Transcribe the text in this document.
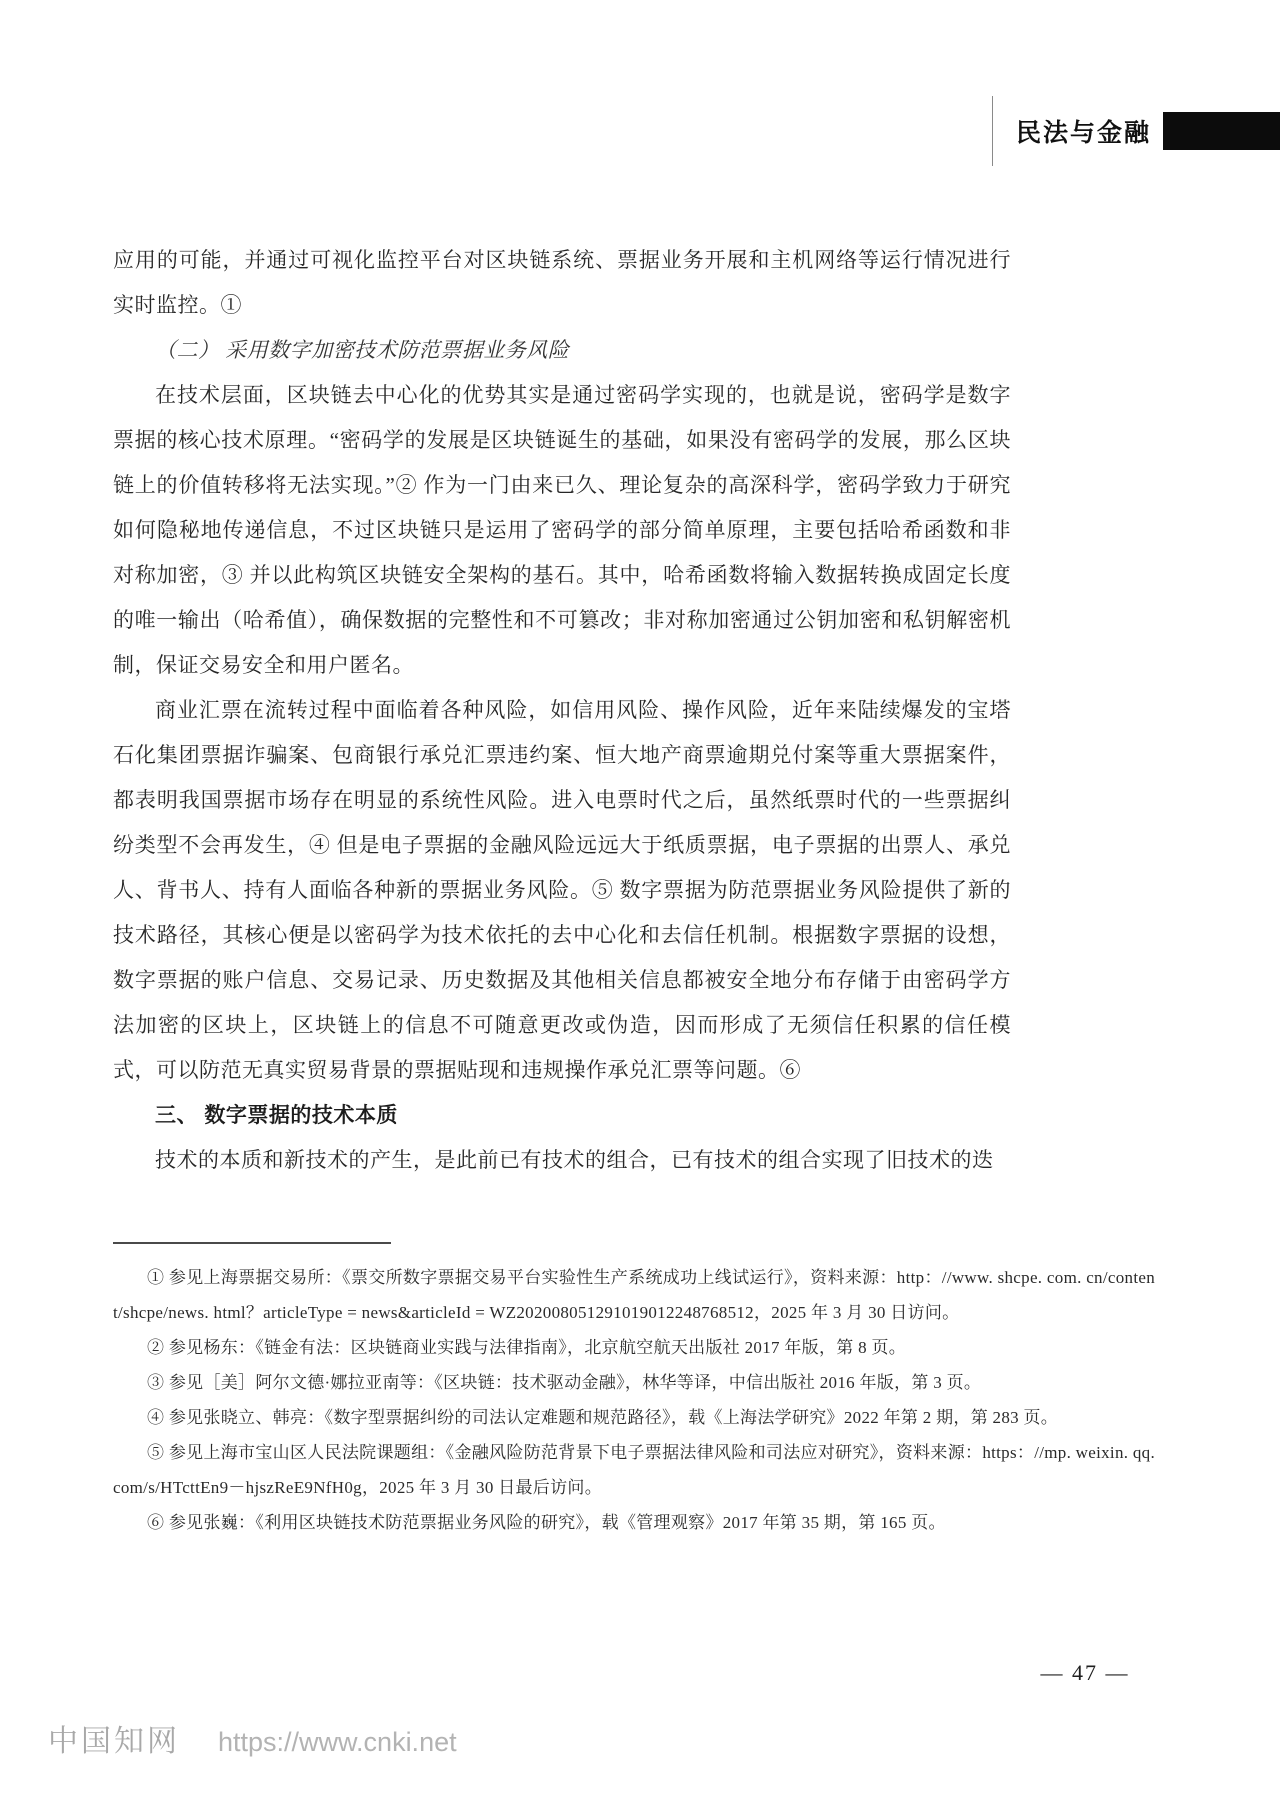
民法与金融

应用的可能，并通过可视化监控平台对区块链系统、票据业务开展和主机网络等运行情况进行实时监控。①

（二） 采用数字加密技术防范票据业务风险

在技术层面，区块链去中心化的优势其实是通过密码学实现的，也就是说，密码学是数字票据的核心技术原理。“密码学的发展是区块链诞生的基础，如果没有密码学的发展，那么区块链上的价值转移将无法实现。”② 作为一门由来已久、理论复杂的高深科学，密码学致力于研究如何隐秘地传递信息，不过区块链只是运用了密码学的部分简单原理，主要包括哈希函数和非对称加密，③ 并以此构筑区块链安全架构的基石。其中，哈希函数将输入数据转换成固定长度的唯一输出（哈希值），确保数据的完整性和不可篡改；非对称加密通过公钥加密和私钥解密机制，保证交易安全和用户匿名。

商业汇票在流转过程中面临着各种风险，如信用风险、操作风险，近年来陆续爆发的宝塔石化集团票据诈骗案、包商银行承兑汇票违约案、恒大地产商票逾期兑付案等重大票据案件，都表明我国票据市场存在明显的系统性风险。进入电票时代之后，虽然纸票时代的一些票据纠纷类型不会再发生，④ 但是电子票据的金融风险远远大于纸质票据，电子票据的出票人、承兑人、背书人、持有人面临各种新的票据业务风险。⑤ 数字票据为防范票据业务风险提供了新的技术路径，其核心便是以密码学为技术依托的去中心化和去信任机制。根据数字票据的设想，数字票据的账户信息、交易记录、历史数据及其他相关信息都被安全地分布存储于由密码学方法加密的区块上，区块链上的信息不可随意更改或伪造，因而形成了无须信任积累的信任模式，可以防范无真实贸易背景的票据贴现和违规操作承兑汇票等问题。⑥

三、 数字票据的技术本质

技术的本质和新技术的产生，是此前已有技术的组合，已有技术的组合实现了旧技术的迭

① 参见上海票据交易所：《票交所数字票据交易平台实验性生产系统成功上线试运行》，资料来源：http：//www. shcpe. com. cn/content/shcpe/news. html？articleType = news&articleId = WZ202008051291019012248768512，2025 年 3 月 30 日访问。
② 参见杨东：《链金有法：区块链商业实践与法律指南》，北京航空航天出版社 2017 年版，第 8 页。
③ 参见［美］阿尔文德·娜拉亚南等：《区块链：技术驱动金融》，林华等译，中信出版社 2016 年版，第 3 页。
④ 参见张晓立、韩亮：《数字型票据纠纷的司法认定难题和规范路径》，载《上海法学研究》2022 年第 2 期，第 283 页。
⑤ 参见上海市宝山区人民法院课题组：《金融风险防范背景下电子票据法律风险和司法应对研究》，资料来源：https：//mp. weixin. qq. com/s/HTcttEn9－hjszReE9NfH0g，2025 年 3 月 30 日最后访问。
⑥ 参见张巍：《利用区块链技术防范票据业务风险的研究》，载《管理观察》2017 年第 35 期，第 165 页。
— 47 —
中国知网 https://www.cnki.net
